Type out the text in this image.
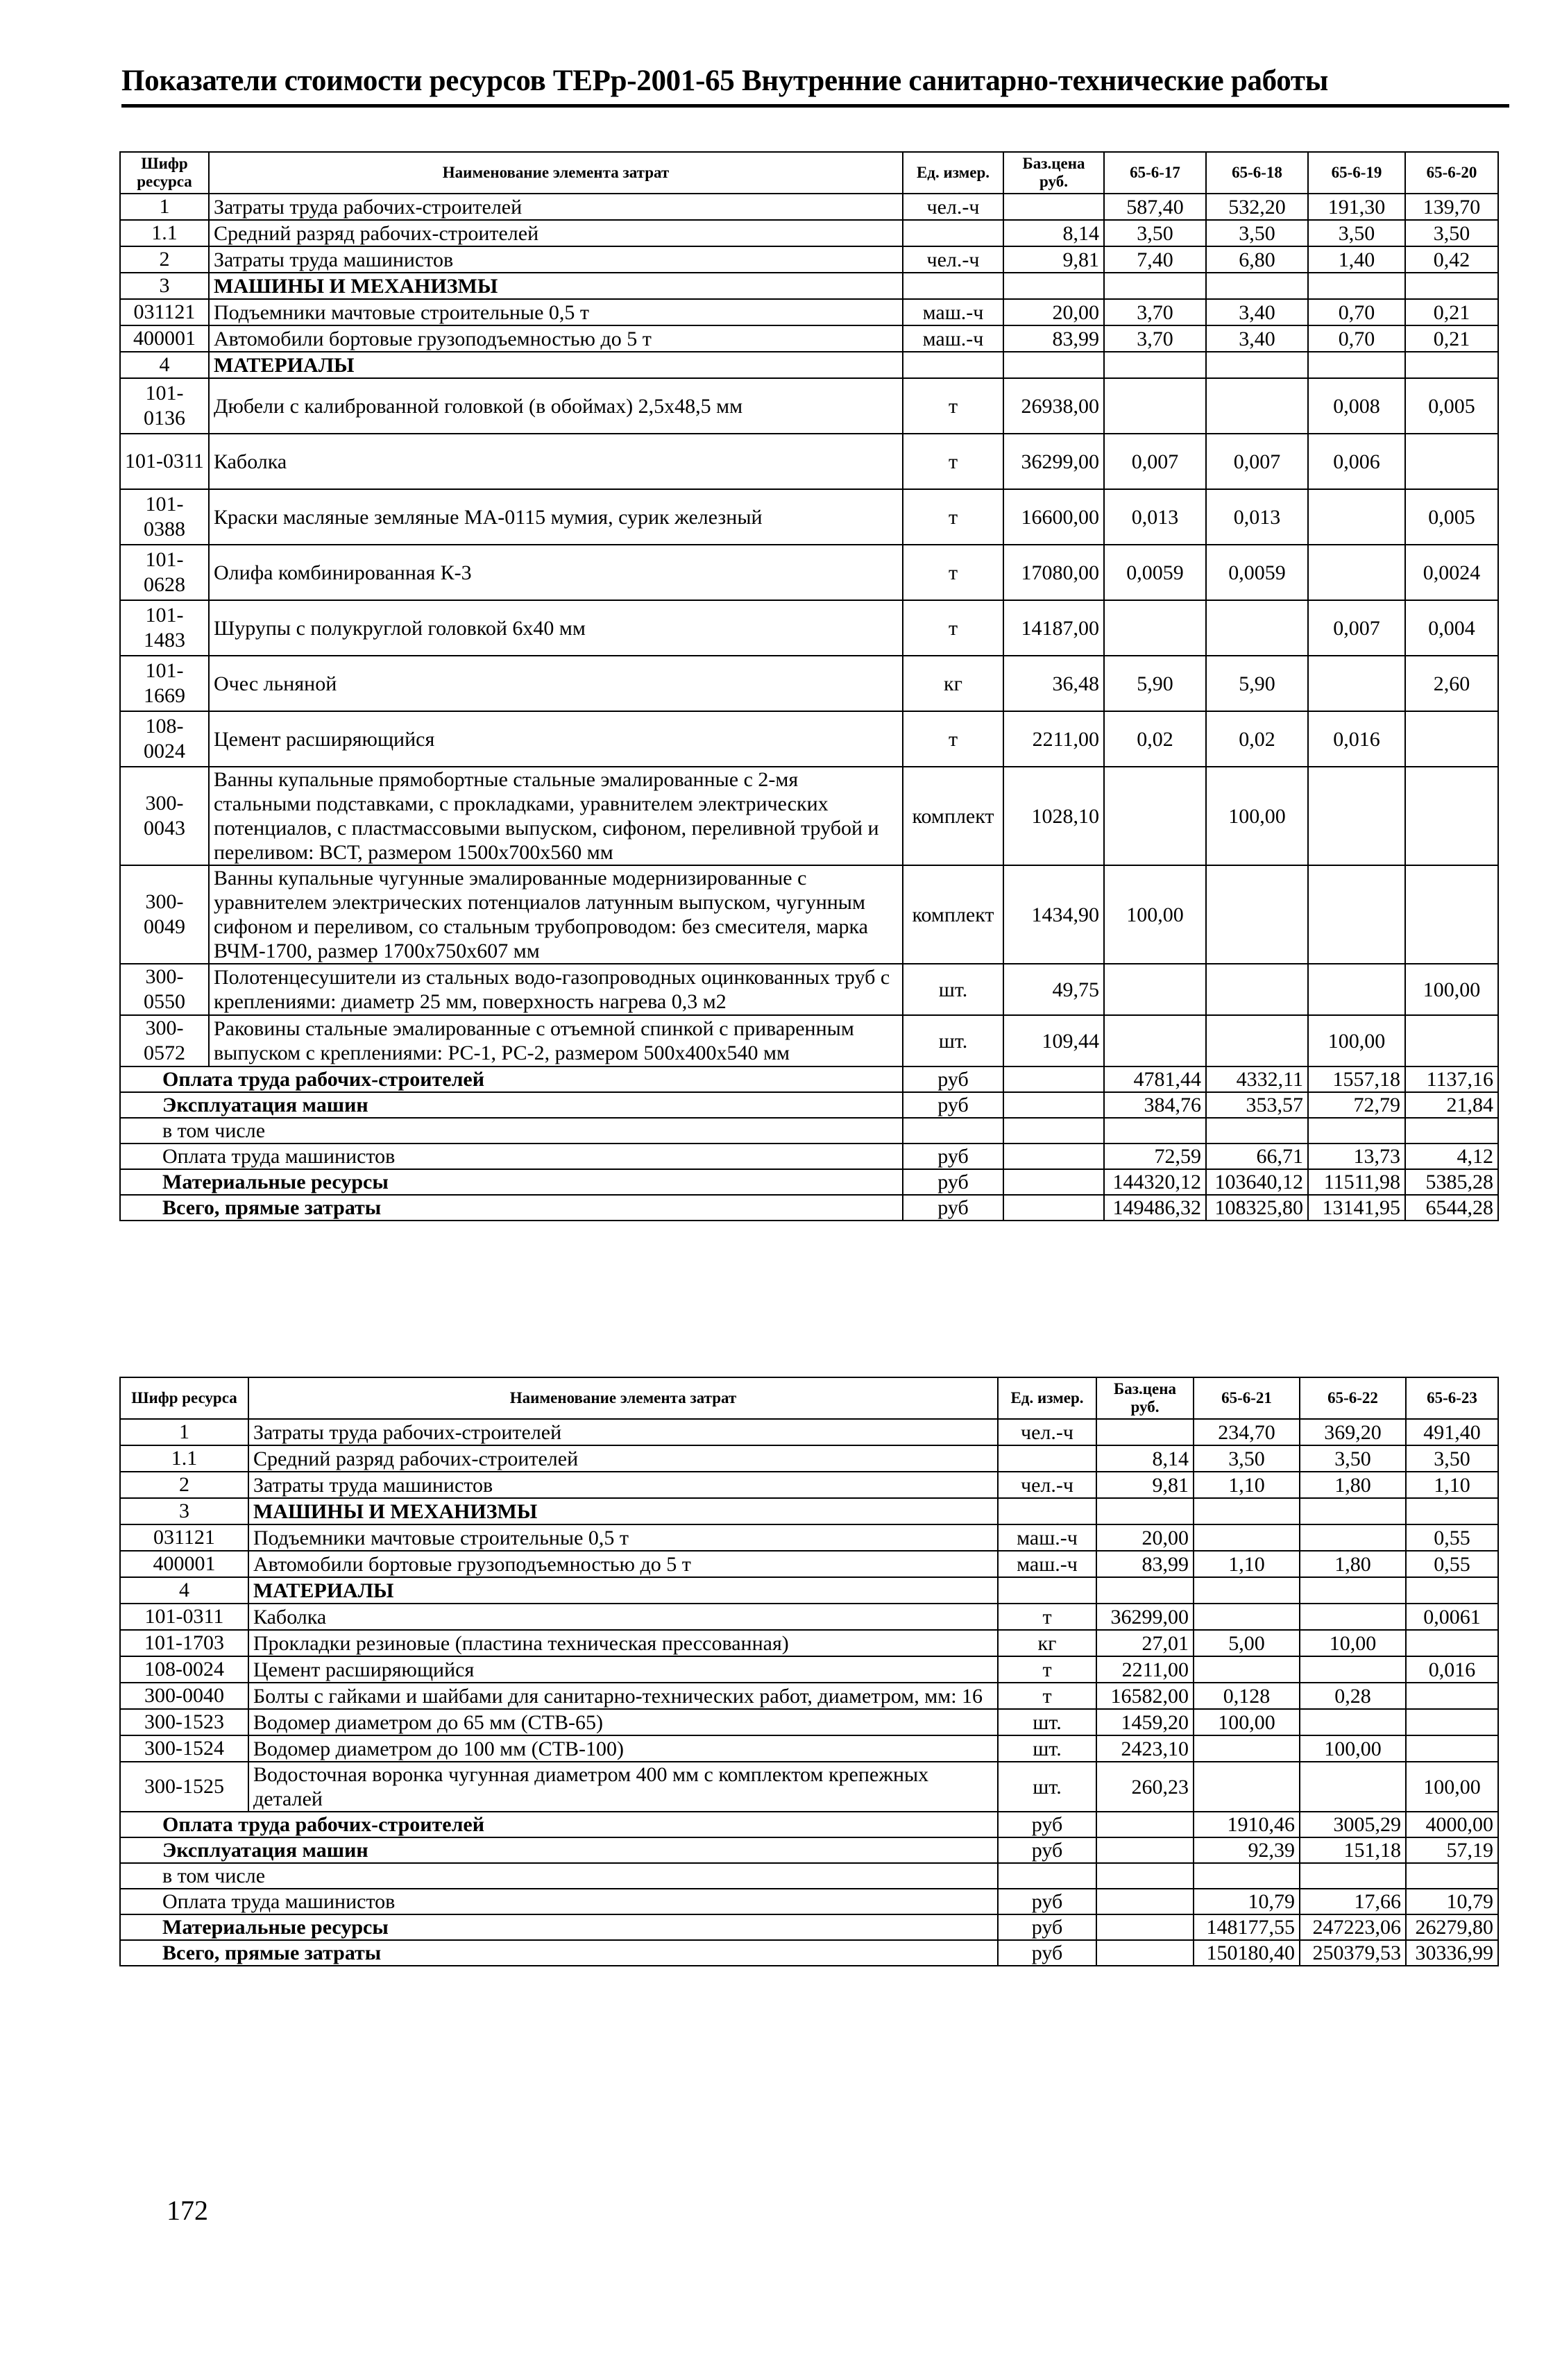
Показатели стоимости ресурсов ТЕРр-2001-65 Внутренние санитарно-технические работы
Шифр ресурса	Наименование элемента затрат	Ед. измер.	Баз.цена руб.	65-6-17	65-6-18	65-6-19	65-6-20
1	Затраты труда рабочих-строителей	чел.-ч		587,40	532,20	191,30	139,70
1.1	Средний разряд рабочих-строителей		8,14	3,50	3,50	3,50	3,50
2	Затраты труда машинистов	чел.-ч	9,81	7,40	6,80	1,40	0,42
3	МАШИНЫ И МЕХАНИЗМЫ						
031121	Подъемники мачтовые строительные 0,5 т	маш.-ч	20,00	3,70	3,40	0,70	0,21
400001	Автомобили бортовые грузоподъемностью до 5 т	маш.-ч	83,99	3,70	3,40	0,70	0,21
4	МАТЕРИАЛЫ						
101-0136	Дюбели с калиброванной головкой (в обоймах) 2,5х48,5 мм	т	26938,00			0,008	0,005
101-0311	Каболка	т	36299,00	0,007	0,007	0,006	
101-0388	Краски масляные земляные МА-0115 мумия, сурик железный	т	16600,00	0,013	0,013		0,005
101-0628	Олифа комбинированная К-3	т	17080,00	0,0059	0,0059		0,0024
101-1483	Шурупы с полукруглой головкой 6х40 мм	т	14187,00			0,007	0,004
101-1669	Очес льняной	кг	36,48	5,90	5,90		2,60
108-0024	Цемент расширяющийся	т	2211,00	0,02	0,02	0,016	
300-0043	Ванны купальные прямобортные стальные эмалированные с 2-мя стальными подставками, с прокладками, уравнителем электрических потенциалов, с пластмассовыми выпуском, сифоном, переливной трубой и переливом: ВСТ, размером 1500х700х560 мм	комплект	1028,10		100,00		
300-0049	Ванны купальные чугунные эмалированные модернизированные с уравнителем электрических потенциалов латунным выпуском, чугунным сифоном и переливом, со стальным трубопроводом: без смесителя, марка ВЧМ-1700, размер 1700х750х607 мм	комплект	1434,90	100,00			
300-0550	Полотенцесушители из стальных водо-газопроводных оцинкованных труб с креплениями: диаметр 25 мм, поверхность нагрева 0,3 м2	шт.	49,75				100,00
300-0572	Раковины стальные эмалированные с отъемной спинкой с приваренным выпуском с креплениями: РС-1, РС-2, размером 500х400х540 мм	шт.	109,44			100,00	
Оплата труда рабочих-строителей		руб		4781,44	4332,11	1557,18	1137,16
Эксплуатация машин		руб		384,76	353,57	72,79	21,84
в том числе							
Оплата труда машинистов		руб		72,59	66,71	13,73	4,12
Материальные ресурсы		руб		144320,12	103640,12	11511,98	5385,28
Всего, прямые затраты		руб		149486,32	108325,80	13141,95	6544,28
Шифр ресурса	Наименование элемента затрат	Ед. измер.	Баз.цена руб.	65-6-21	65-6-22	65-6-23
1	Затраты труда рабочих-строителей	чел.-ч		234,70	369,20	491,40
1.1	Средний разряд рабочих-строителей		8,14	3,50	3,50	3,50
2	Затраты труда машинистов	чел.-ч	9,81	1,10	1,80	1,10
3	МАШИНЫ И МЕХАНИЗМЫ					
031121	Подъемники мачтовые строительные 0,5 т	маш.-ч	20,00			0,55
400001	Автомобили бортовые грузоподъемностью до 5 т	маш.-ч	83,99	1,10	1,80	0,55
4	МАТЕРИАЛЫ					
101-0311	Каболка	т	36299,00			0,0061
101-1703	Прокладки резиновые (пластина техническая прессованная)	кг	27,01	5,00	10,00	
108-0024	Цемент расширяющийся	т	2211,00			0,016
300-0040	Болты с гайками и шайбами для санитарно-технических работ, диаметром, мм: 16	т	16582,00	0,128	0,28	
300-1523	Водомер диаметром до 65 мм (СТВ-65)	шт.	1459,20	100,00		
300-1524	Водомер диаметром до 100 мм (СТВ-100)	шт.	2423,10		100,00	
300-1525	Водосточная воронка чугунная диаметром 400 мм с комплектом крепежных деталей	шт.	260,23			100,00
Оплата труда рабочих-строителей		руб		1910,46	3005,29	4000,00
Эксплуатация машин		руб		92,39	151,18	57,19
в том числе						
Оплата труда машинистов		руб		10,79	17,66	10,79
Материальные ресурсы		руб		148177,55	247223,06	26279,80
Всего, прямые затраты		руб		150180,40	250379,53	30336,99
172
